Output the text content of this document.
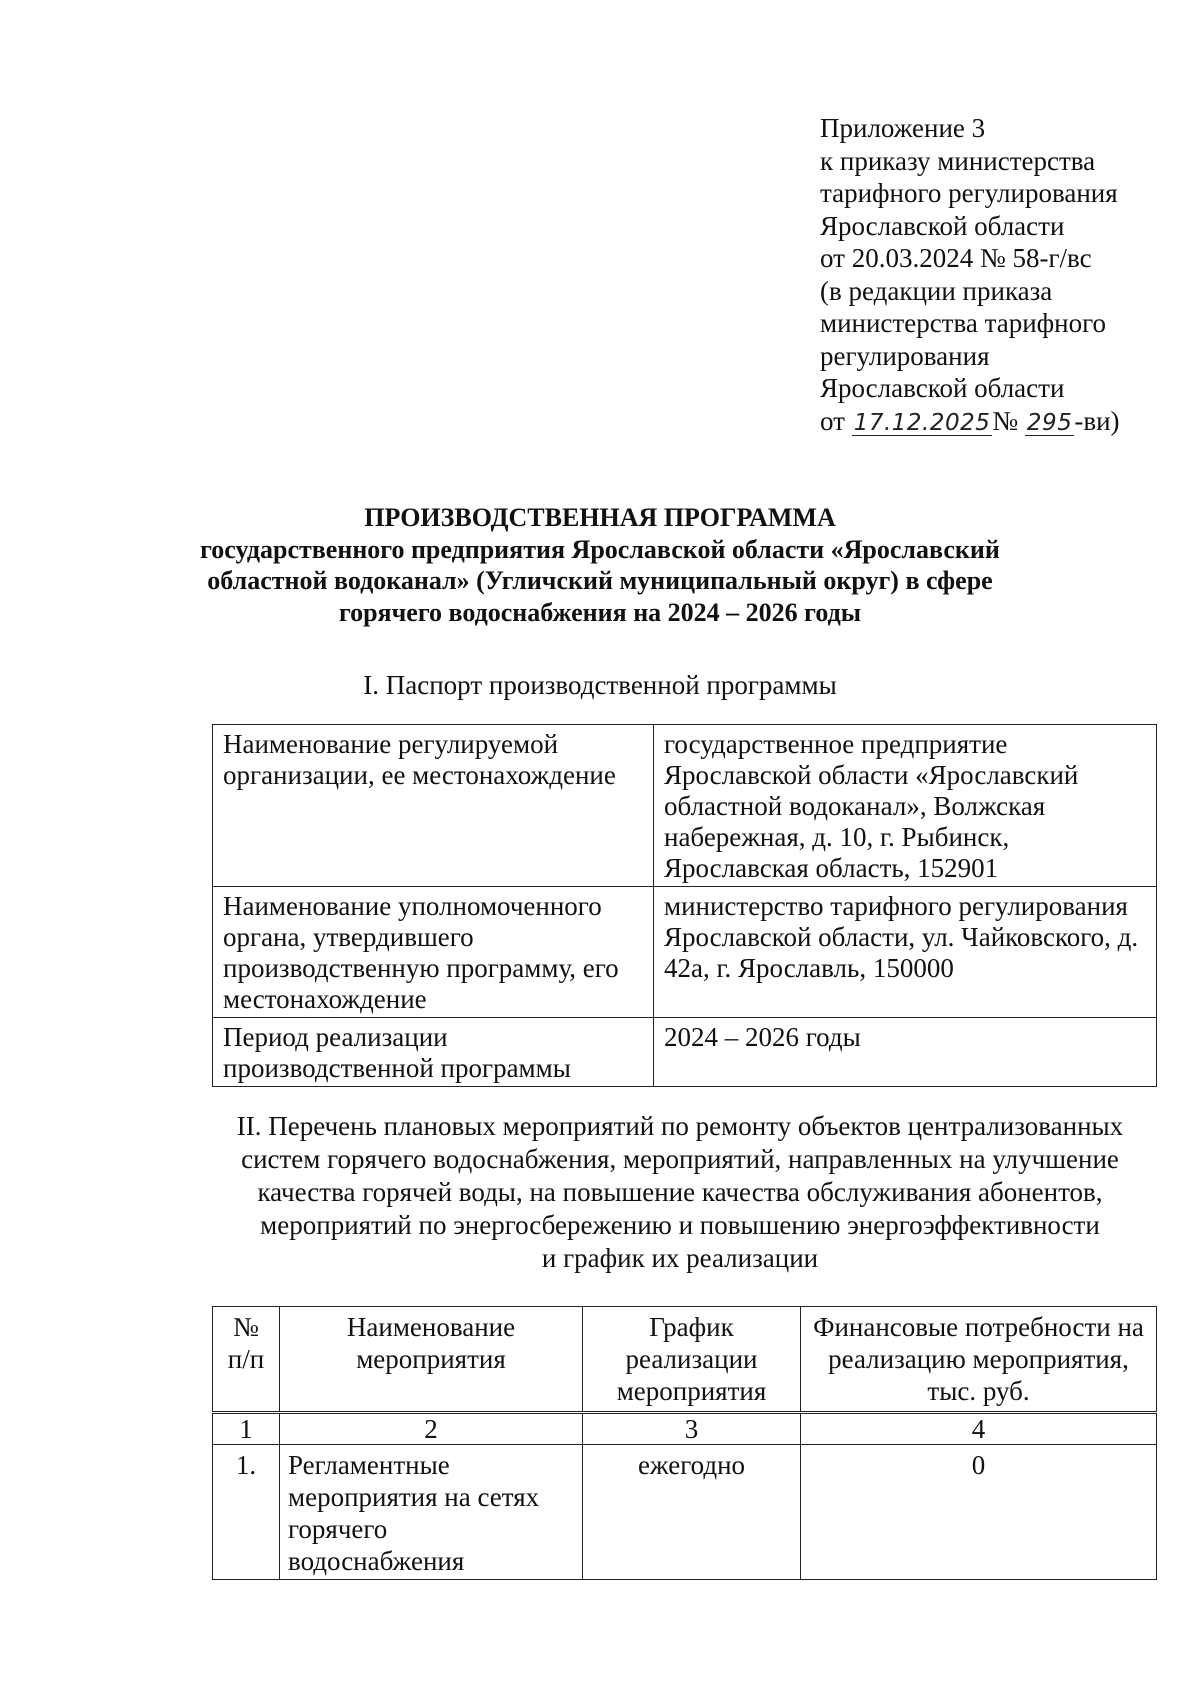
Приложение 3
к приказу министерства
тарифного регулирования
Ярославской области
от 20.03.2024 № 58-г/вс
(в редакции приказа
министерства тарифного
регулирования
Ярославской области
от 17.12.2025№ 295-ви)
ПРОИЗВОДСТВЕННАЯ ПРОГРАММА
государственного предприятия Ярославской области «Ярославский
областной водоканал» (Угличский муниципальный округ) в сфере
горячего водоснабжения на 2024 – 2026 годы
I. Паспорт производственной программы
Наименование регулируемой организации, ее местонахождение	государственное предприятие Ярославской области «Ярославский областной водоканал», Волжская набережная, д. 10, г. Рыбинск, Ярославская область, 152901
Наименование уполномоченного органа, утвердившего производственную программу, его местонахождение	министерство тарифного регулирования Ярославской области, ул. Чайковского, д. 42а, г. Ярославль, 150000
Период реализации производственной программы	2024 – 2026 годы
II. Перечень плановых мероприятий по ремонту объектов централизованных
систем горячего водоснабжения, мероприятий, направленных на улучшение
качества горячей воды, на повышение качества обслуживания абонентов,
мероприятий по энергосбережению и повышению энергоэффективности
и график их реализации
№ п/п	Наименование мероприятия	График реализации мероприятия	Финансовые потребности на реализацию мероприятия, тыс. руб.
1	2	3	4
1.	Регламентные мероприятия на сетях горячего водоснабжения	ежегодно	0
